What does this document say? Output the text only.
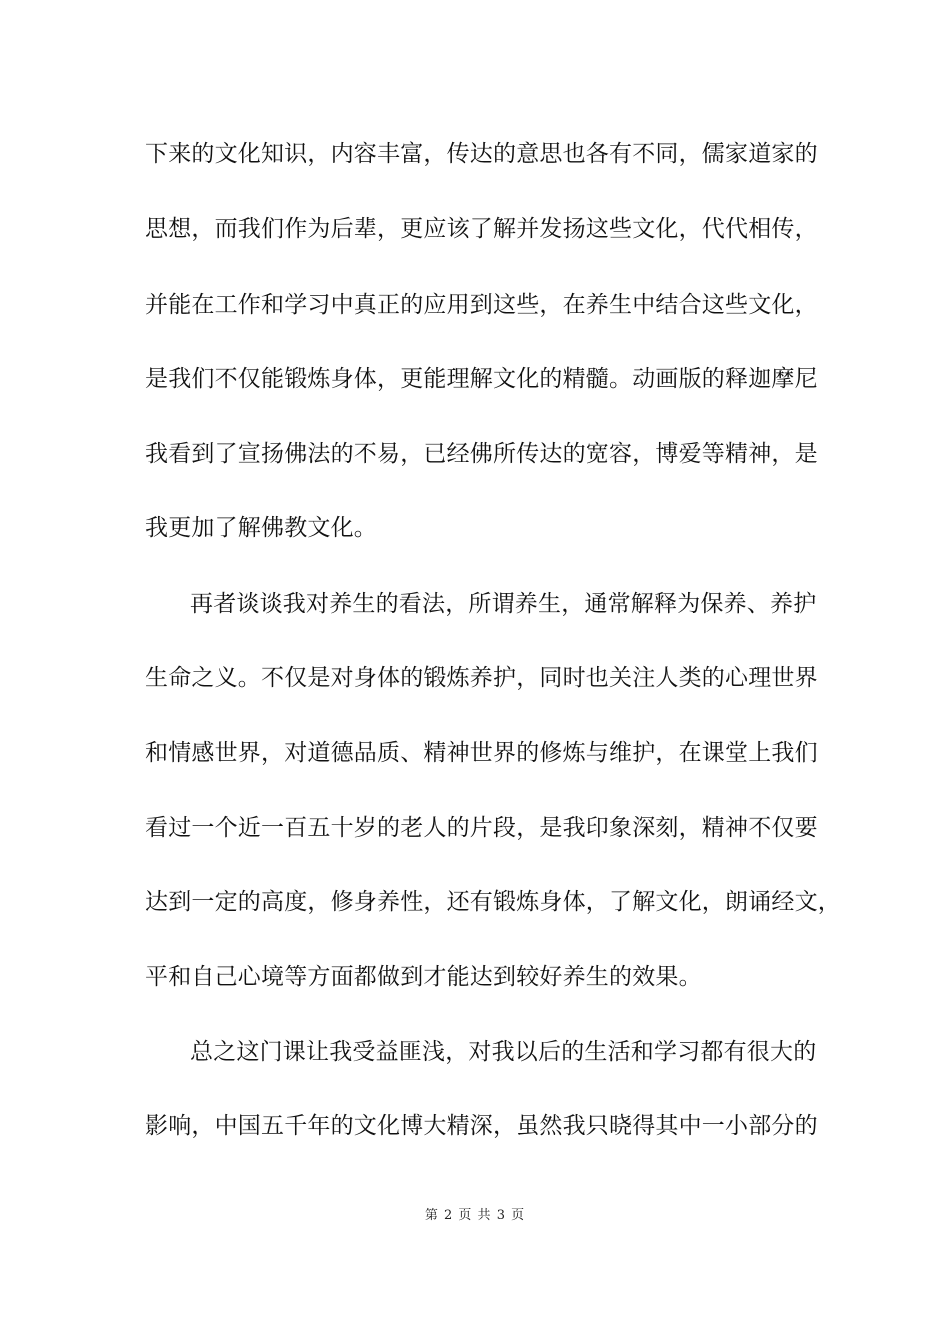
下来的文化知识，内容丰富，传达的意思也各有不同，儒家道家的
思想，而我们作为后辈，更应该了解并发扬这些文化，代代相传，
并能在工作和学习中真正的应用到这些，在养生中结合这些文化，
是我们不仅能锻炼身体，更能理解文化的精髓。动画版的释迦摩尼
我看到了宣扬佛法的不易，已经佛所传达的宽容，博爱等精神，是
我更加了解佛教文化。
再者谈谈我对养生的看法，所谓养生，通常解释为保养、养护
生命之义。不仅是对身体的锻炼养护，同时也关注人类的心理世界
和情感世界，对道德品质、精神世界的修炼与维护，在课堂上我们
看过一个近一百五十岁的老人的片段，是我印象深刻，精神不仅要
达到一定的高度，修身养性，还有锻炼身体，了解文化，朗诵经文，
平和自己心境等方面都做到才能达到较好养生的效果。
总之这门课让我受益匪浅，对我以后的生活和学习都有很大的
影响，中国五千年的文化博大精深，虽然我只晓得其中一小部分的
第 2 页 共 3 页
